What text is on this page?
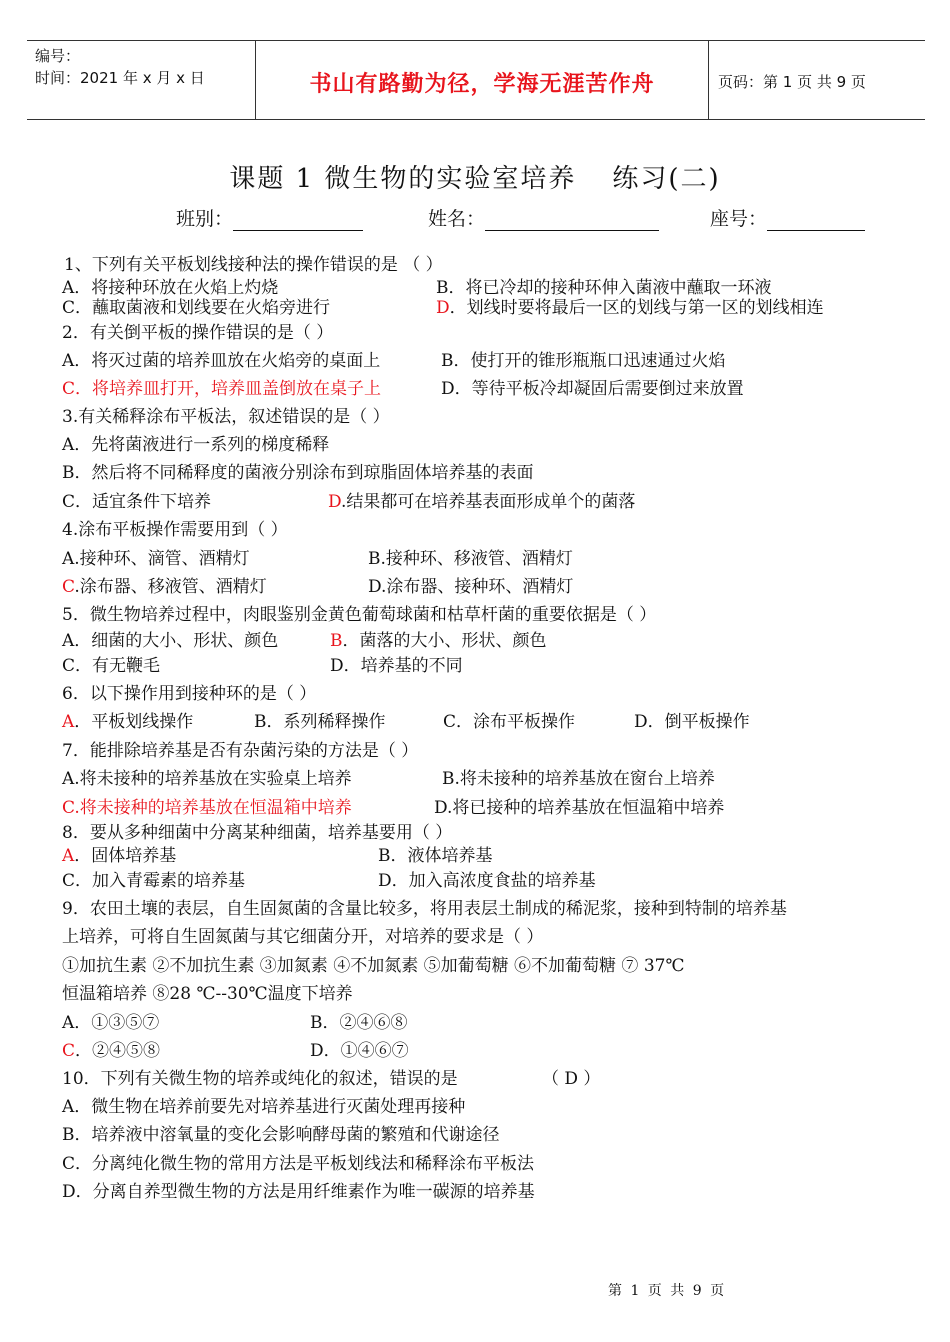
编号：
时间：2021 年 x 月 x 日	书山有路勤为径，学海无涯苦作舟	页码：第 1 页 共 9 页
课题 1 微生物的实验室培养 练习(二)
班别：	姓名：	座号：
1、下列有关平板划线接种法的操作错误的是 （ ）
A．将接种环放在火焰上灼烧	B．将已冷却的接种环伸入菌液中蘸取一环液
C．蘸取菌液和划线要在火焰旁进行	D．划线时要将最后一区的划线与第一区的划线相连
2．有关倒平板的操作错误的是（ ）
A．将灭过菌的培养皿放在火焰旁的桌面上	B．使打开的锥形瓶瓶口迅速通过火焰
C．将培养皿打开，培养皿盖倒放在桌子上	D．等待平板冷却凝固后需要倒过来放置
3.有关稀释涂布平板法，叙述错误的是（ ）
A．先将菌液进行一系列的梯度稀释
B．然后将不同稀释度的菌液分别涂布到琼脂固体培养基的表面
C．适宜条件下培养	D.结果都可在培养基表面形成单个的菌落
4.涂布平板操作需要用到（ ）
A.接种环、滴管、酒精灯	B.接种环、移液管、酒精灯
C.涂布器、移液管、酒精灯	D.涂布器、接种环、酒精灯
5．微生物培养过程中，肉眼鉴别金黄色葡萄球菌和枯草杆菌的重要依据是（ ）
A．细菌的大小、形状、颜色	B．菌落的大小、形状、颜色
C．有无鞭毛	D．培养基的不同
6．以下操作用到接种环的是（ ）
A．平板划线操作	B．系列稀释操作	C．涂布平板操作	D．倒平板操作
7．能排除培养基是否有杂菌污染的方法是（ ）
A.将未接种的培养基放在实验桌上培养	B.将未接种的培养基放在窗台上培养
C.将未接种的培养基放在恒温箱中培养	D.将已接种的培养基放在恒温箱中培养
8．要从多种细菌中分离某种细菌，培养基要用（ ）
A．固体培养基	B．液体培养基
C．加入青霉素的培养基	D．加入高浓度食盐的培养基
9．农田土壤的表层，自生固氮菌的含量比较多，将用表层土制成的稀泥浆，接种到特制的培养基
上培养，可将自生固氮菌与其它细菌分开，对培养的要求是（ ）
①加抗生素 ②不加抗生素 ③加氮素 ④不加氮素 ⑤加葡萄糖 ⑥不加葡萄糖 ⑦ 37℃
恒温箱培养 ⑧28 ℃--30℃温度下培养
A．①③⑤⑦	B．②④⑥⑧
C．②④⑤⑧	D．①④⑥⑦
10．下列有关微生物的培养或纯化的叙述，错误的是	（ D ）
A．微生物在培养前要先对培养基进行灭菌处理再接种
B．培养液中溶氧量的变化会影响酵母菌的繁殖和代谢途径
C．分离纯化微生物的常用方法是平板划线法和稀释涂布平板法
D．分离自养型微生物的方法是用纤维素作为唯一碳源的培养基
第 1 页 共 9 页
